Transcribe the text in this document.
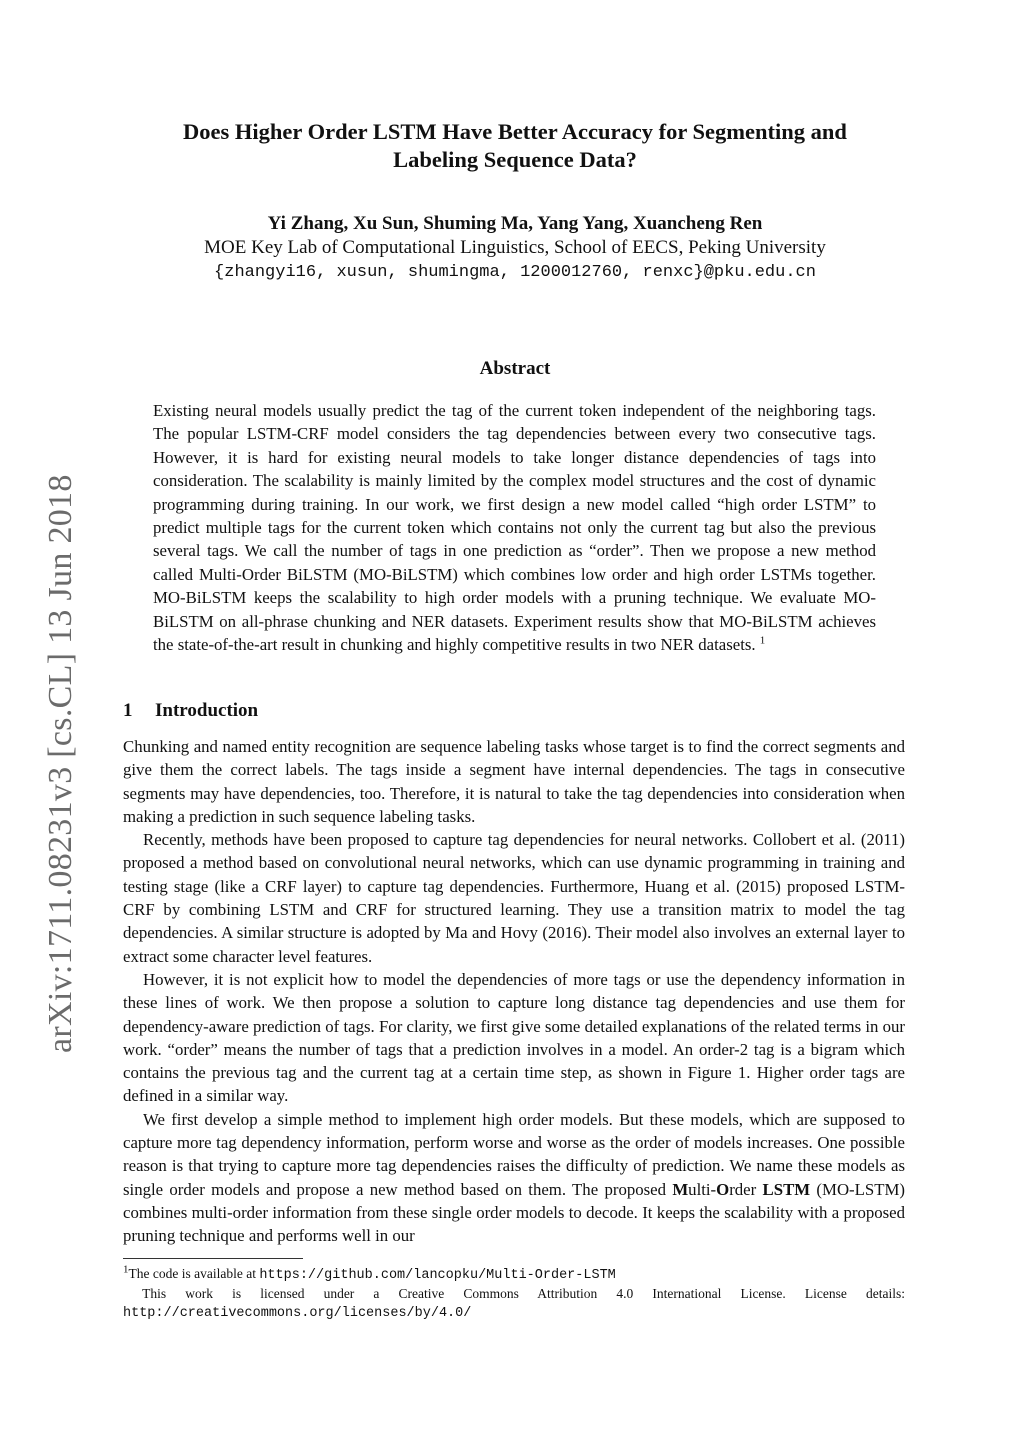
arXiv:1711.08231v3 [cs.CL] 13 Jun 2018
Does Higher Order LSTM Have Better Accuracy for Segmenting and
Labeling Sequence Data?
Yi Zhang, Xu Sun, Shuming Ma, Yang Yang, Xuancheng Ren
MOE Key Lab of Computational Linguistics, School of EECS, Peking University
{zhangyi16, xusun, shumingma, 1200012760, renxc}@pku.edu.cn
Abstract
Existing neural models usually predict the tag of the current token independent of the neighboring tags. The popular LSTM-CRF model considers the tag dependencies between every two consecutive tags. However, it is hard for existing neural models to take longer distance dependencies of tags into consideration. The scalability is mainly limited by the complex model structures and the cost of dynamic programming during training. In our work, we first design a new model called “high order LSTM” to predict multiple tags for the current token which contains not only the current tag but also the previous several tags. We call the number of tags in one prediction as “order”. Then we propose a new method called Multi-Order BiLSTM (MO-BiLSTM) which combines low order and high order LSTMs together. MO-BiLSTM keeps the scalability to high order models with a pruning technique. We evaluate MO-BiLSTM on all-phrase chunking and NER datasets. Experiment results show that MO-BiLSTM achieves the state-of-the-art result in chunking and highly competitive results in two NER datasets. $^1$
1 Introduction

Chunking and named entity recognition are sequence labeling tasks whose target is to find the correct segments and give them the correct labels. The tags inside a segment have internal dependencies. The tags in consecutive segments may have dependencies, too. Therefore, it is natural to take the tag dependencies into consideration when making a prediction in such sequence labeling tasks.

Recently, methods have been proposed to capture tag dependencies for neural networks. Collobert et al. (2011) proposed a method based on convolutional neural networks, which can use dynamic programming in training and testing stage (like a CRF layer) to capture tag dependencies. Furthermore, Huang et al. (2015) proposed LSTM-CRF by combining LSTM and CRF for structured learning. They use a transition matrix to model the tag dependencies. A similar structure is adopted by Ma and Hovy (2016). Their model also involves an external layer to extract some character level features.

However, it is not explicit how to model the dependencies of more tags or use the dependency information in these lines of work. We then propose a solution to capture long distance tag dependencies and use them for dependency-aware prediction of tags. For clarity, we first give some detailed explanations of the related terms in our work. “order” means the number of tags that a prediction involves in a model. An order-2 tag is a bigram which contains the previous tag and the current tag at a certain time step, as shown in Figure 1. Higher order tags are defined in a similar way.

We first develop a simple method to implement high order models. But these models, which are supposed to capture more tag dependency information, perform worse and worse as the order of models increases. One possible reason is that trying to capture more tag dependencies raises the difficulty of prediction. We name these models as single order models and propose a new method based on them. The proposed Multi-Order LSTM (MO-LSTM) combines multi-order information from these single order models to decode. It keeps the scalability with a proposed pruning technique and performs well in our

$^1$The code is available at https://github.com/lancopku/Multi-Order-LSTM

This work is licensed under a Creative Commons Attribution 4.0 International License. License details: http://creativecommons.org/licenses/by/4.0/
